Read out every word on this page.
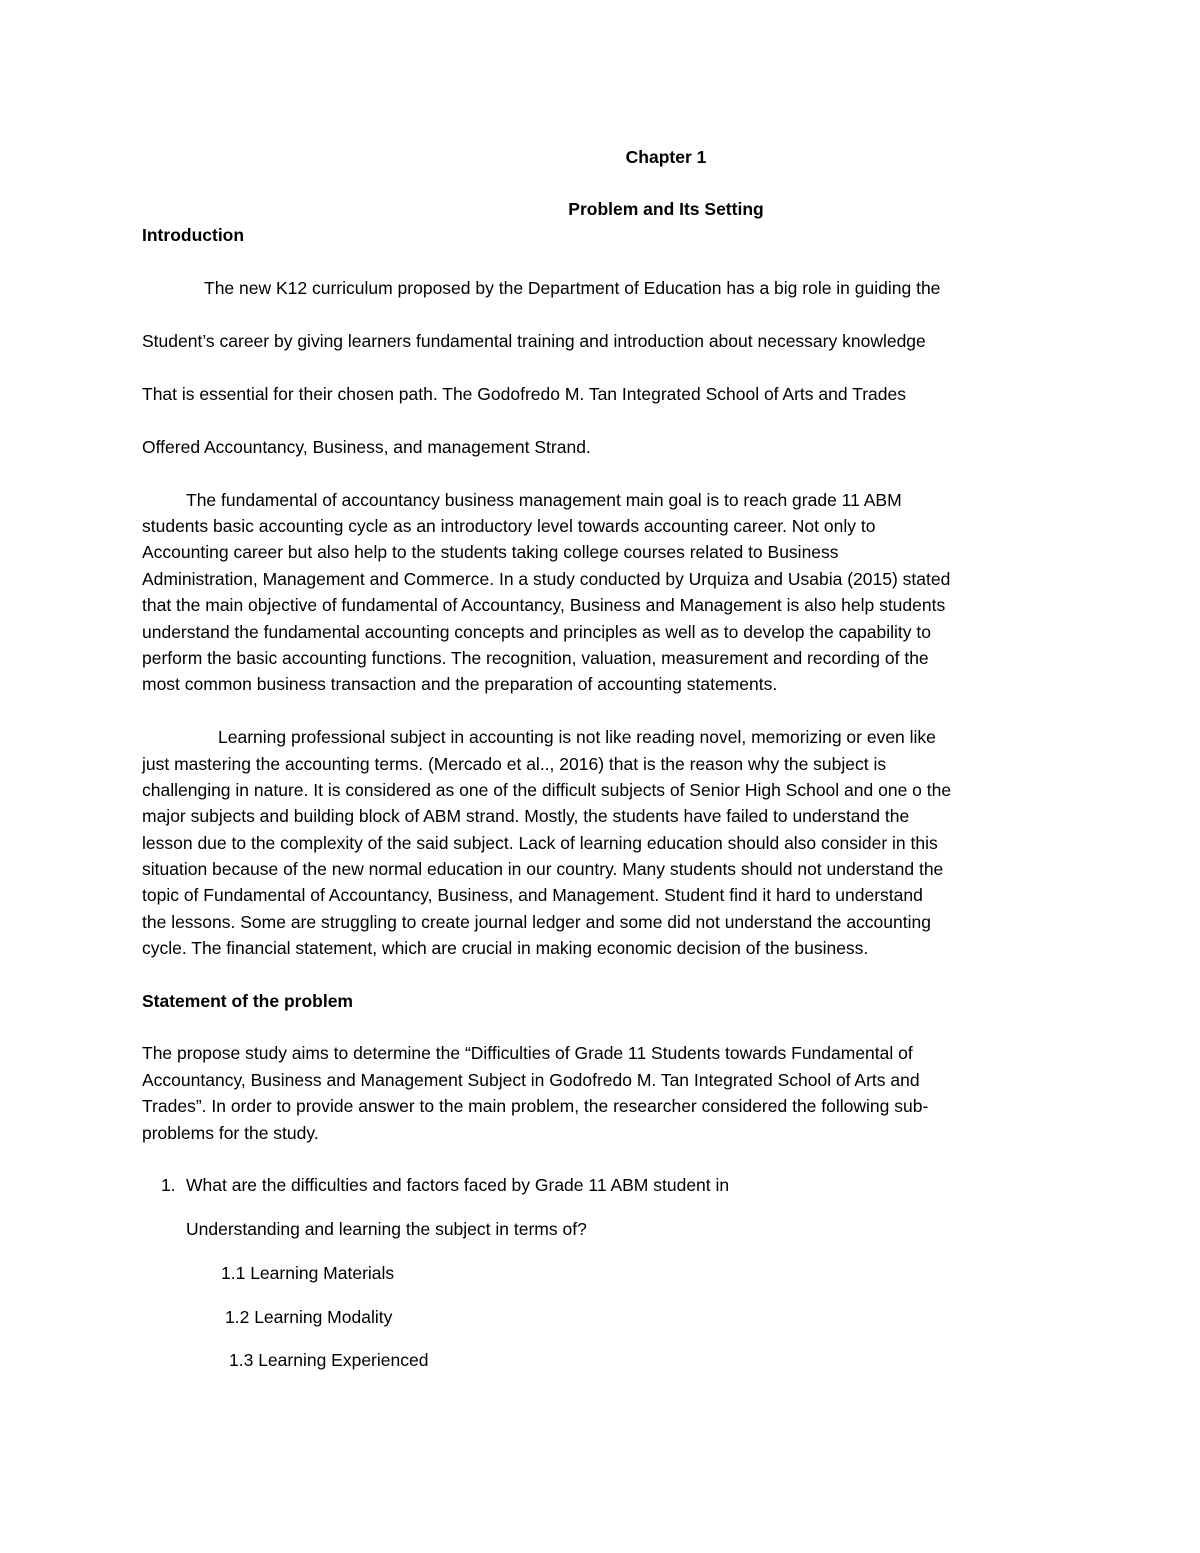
Chapter 1

Problem and Its Setting

Introduction

The new K12 curriculum proposed by the Department of Education has a big role in guiding the

Student’s career by giving learners fundamental training and introduction about necessary knowledge

That is essential for their chosen path. The Godofredo M. Tan Integrated School of Arts and Trades

Offered Accountancy, Business, and management Strand.

The fundamental of accountancy business management main goal is to reach grade 11 ABM

students basic accounting cycle as an introductory level towards accounting career. Not only to

Accounting career but also help to the students taking college courses related to Business

Administration, Management and Commerce. In a study conducted by Urquiza and Usabia (2015) stated

that the main objective of fundamental of Accountancy, Business and Management is also help students

understand the fundamental accounting concepts and principles as well as to develop the capability to

perform the basic accounting functions. The recognition, valuation, measurement and recording of the

most common business transaction and the preparation of accounting statements.

Learning professional subject in accounting is not like reading novel, memorizing or even like

just mastering the accounting terms. (Mercado et al.., 2016) that is the reason why the subject is

challenging in nature. It is considered as one of the difficult subjects of Senior High School and one o the

major subjects and building block of ABM strand. Mostly, the students have failed to understand the

lesson due to the complexity of the said subject. Lack of learning education should also consider in this

situation because of the new normal education in our country. Many students should not understand the

topic of Fundamental of Accountancy, Business, and Management. Student find it hard to understand

the lessons. Some are struggling to create journal ledger and some did not understand the accounting

cycle. The financial statement, which are crucial in making economic decision of the business.

Statement of the problem

The propose study aims to determine the “Difficulties of Grade 11 Students towards Fundamental of

Accountancy, Business and Management Subject in Godofredo M. Tan Integrated School of Arts and

Trades”. In order to provide answer to the main problem, the researcher considered the following sub-

problems for the study.

1. What are the difficulties and factors faced by Grade 11 ABM student in

Understanding and learning the subject in terms of?

1.1 Learning Materials

1.2 Learning Modality

1.3 Learning Experienced
